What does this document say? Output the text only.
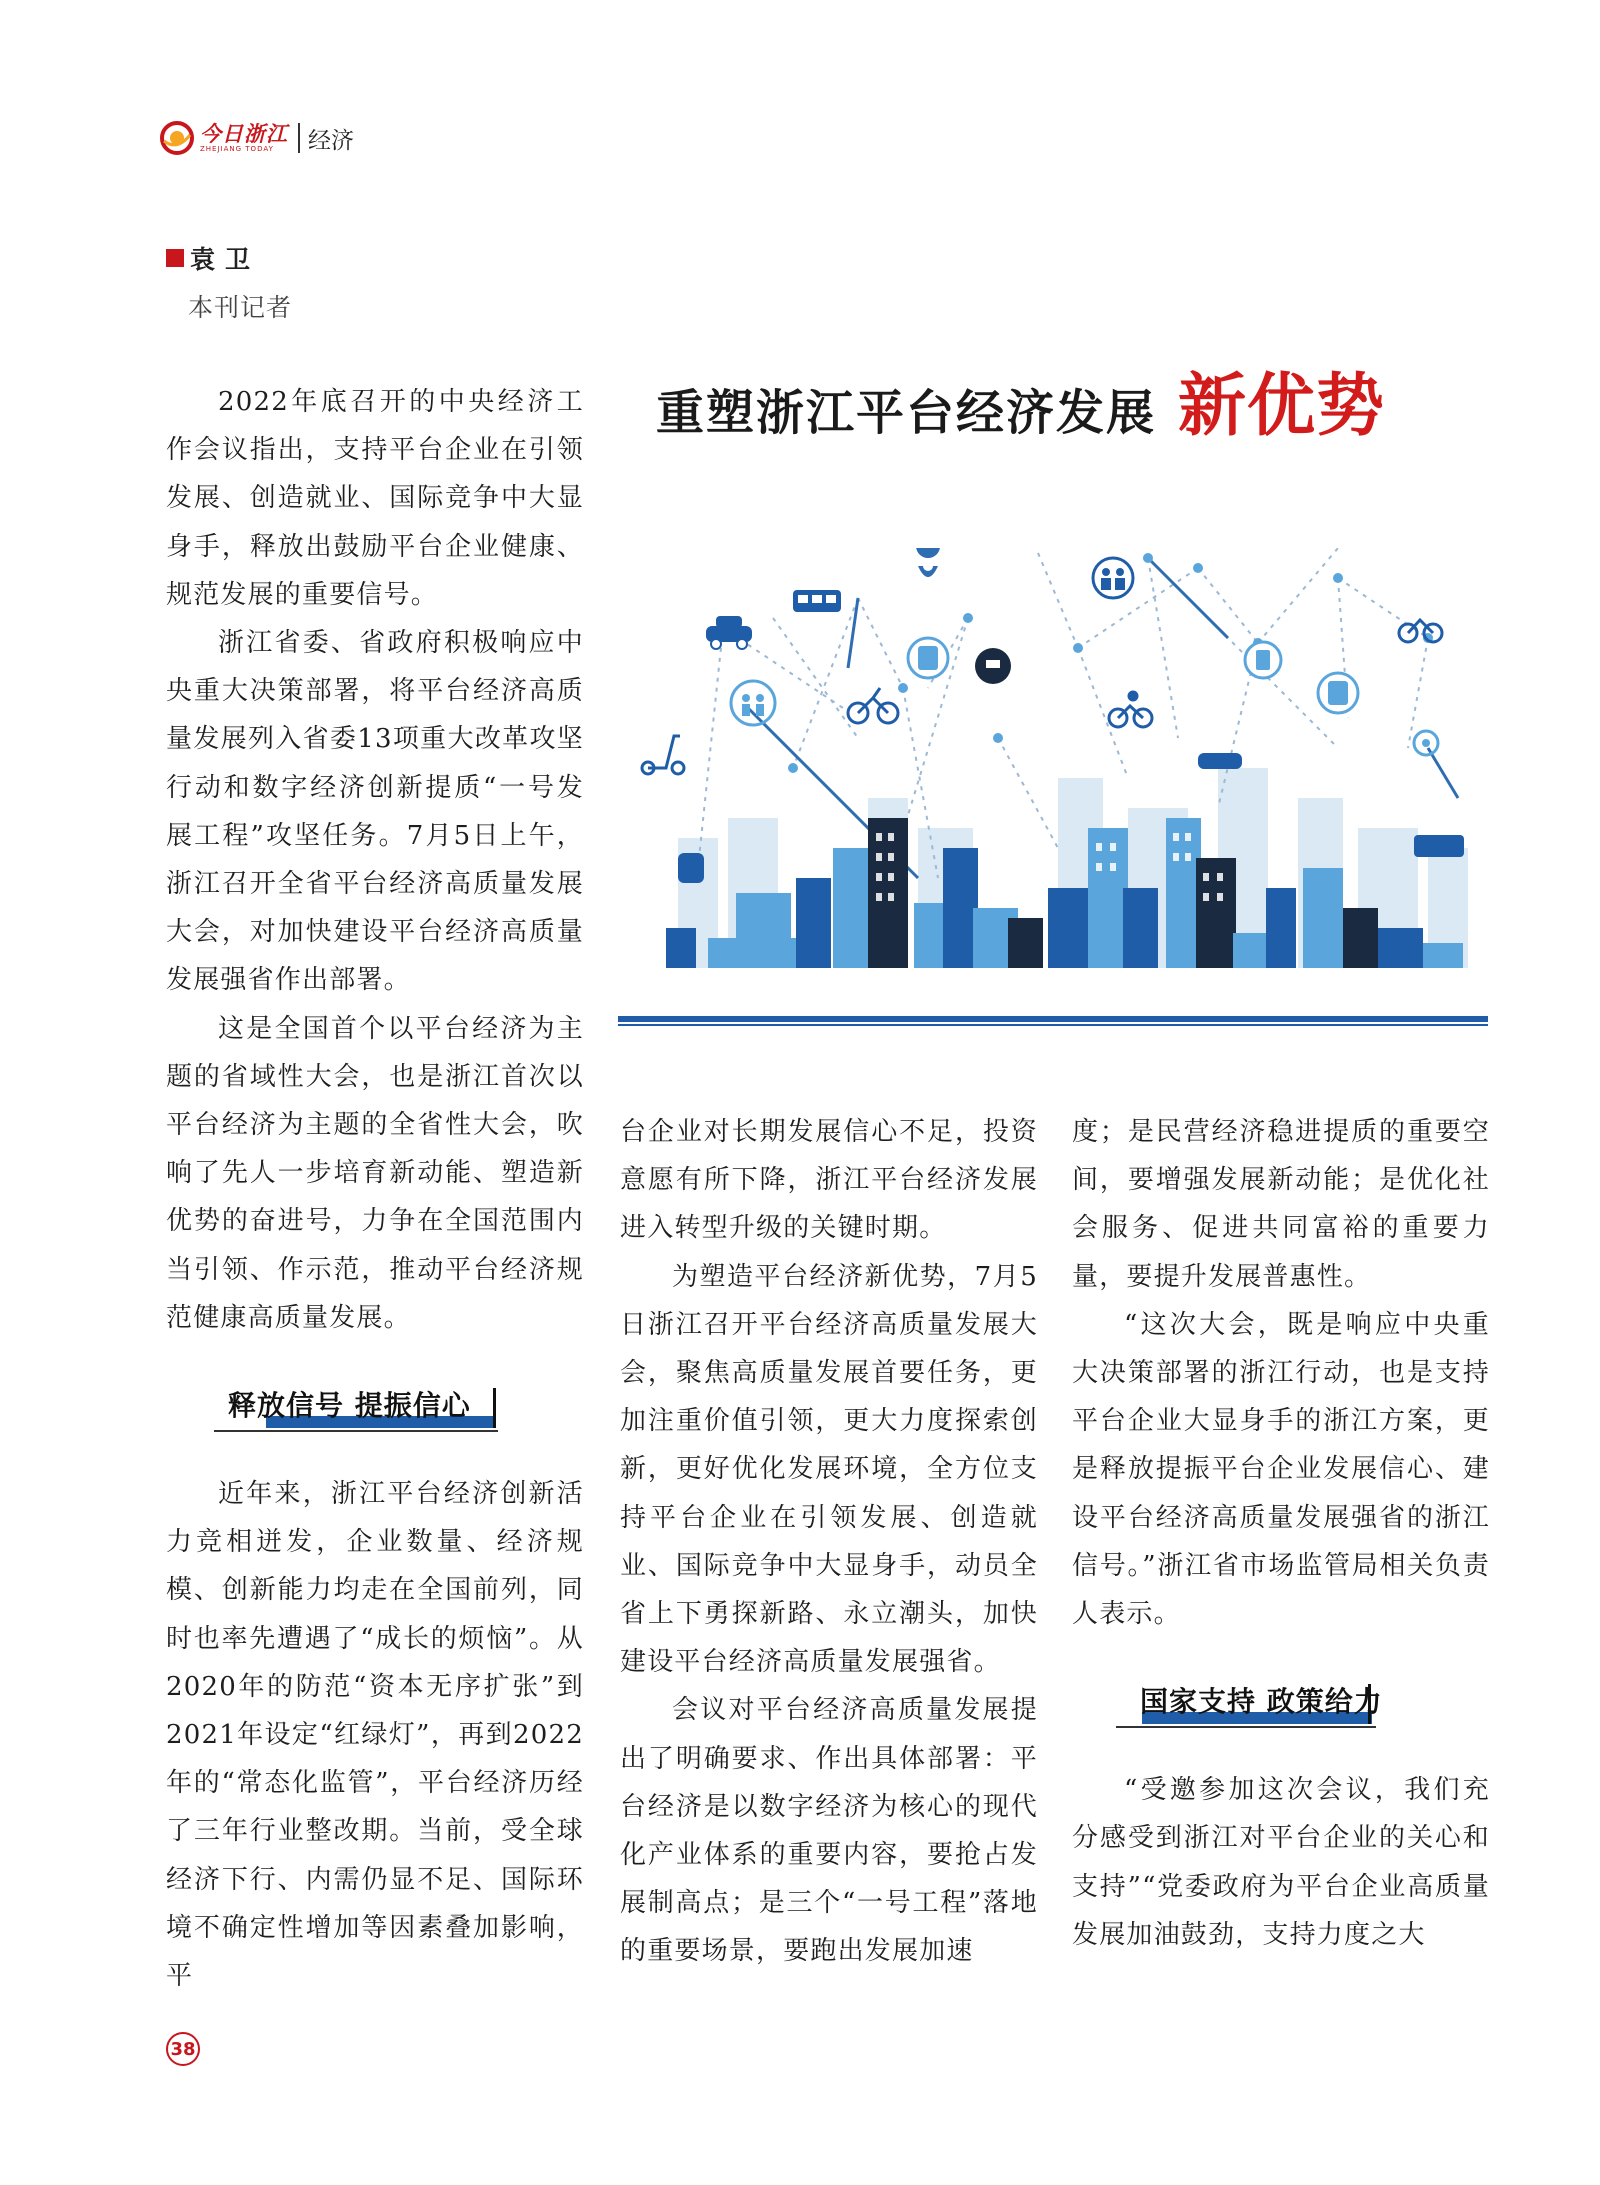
今日浙江
ZHEJIANG TODAY	经济
袁卫
本刊记者
重塑浙江平台经济发展 新优势

2022年底召开的中央经济工作会议指出，支持平台企业在引领发展、创造就业、国际竞争中大显身手，释放出鼓励平台企业健康、规范发展的重要信号。

浙江省委、省政府积极响应中央重大决策部署，将平台经济高质量发展列入省委13项重大改革攻坚行动和数字经济创新提质“一号发展工程”攻坚任务。7月5日上午，浙江召开全省平台经济高质量发展大会，对加快建设平台经济高质量发展强省作出部署。

这是全国首个以平台经济为主题的省域性大会，也是浙江首次以平台经济为主题的全省性大会，吹响了先人一步培育新动能、塑造新优势的奋进号，力争在全国范围内当引领、作示范，推动平台经济规范健康高质量发展。

释放信号 提振信心

近年来，浙江平台经济创新活力竞相迸发，企业数量、经济规模、创新能力均走在全国前列，同时也率先遭遇了“成长的烦恼”。从2020年的防范“资本无序扩张”到2021年设定“红绿灯”，再到2022年的“常态化监管”，平台经济历经了三年行业整改期。当前，受全球经济下行、内需仍显不足、国际环境不确定性增加等因素叠加影响，平

台企业对长期发展信心不足，投资意愿有所下降，浙江平台经济发展进入转型升级的关键时期。

为塑造平台经济新优势，7月5日浙江召开平台经济高质量发展大会，聚焦高质量发展首要任务，更加注重价值引领，更大力度探索创新，更好优化发展环境，全方位支持平台企业在引领发展、创造就业、国际竞争中大显身手，动员全省上下勇探新路、永立潮头，加快建设平台经济高质量发展强省。

会议对平台经济高质量发展提出了明确要求、作出具体部署：平台经济是以数字经济为核心的现代化产业体系的重要内容，要抢占发展制高点；是三个“一号工程”落地的重要场景，要跑出发展加速

度；是民营经济稳进提质的重要空间，要增强发展新动能；是优化社会服务、促进共同富裕的重要力量，要提升发展普惠性。

“这次大会，既是响应中央重大决策部署的浙江行动，也是支持平台企业大显身手的浙江方案，更是释放提振平台企业发展信心、建设平台经济高质量发展强省的浙江信号。”浙江省市场监管局相关负责人表示。

国家支持 政策给力

“受邀参加这次会议，我们充分感受到浙江对平台企业的关心和支持”“党委政府为平台企业高质量发展加油鼓劲，支持力度之大

38
